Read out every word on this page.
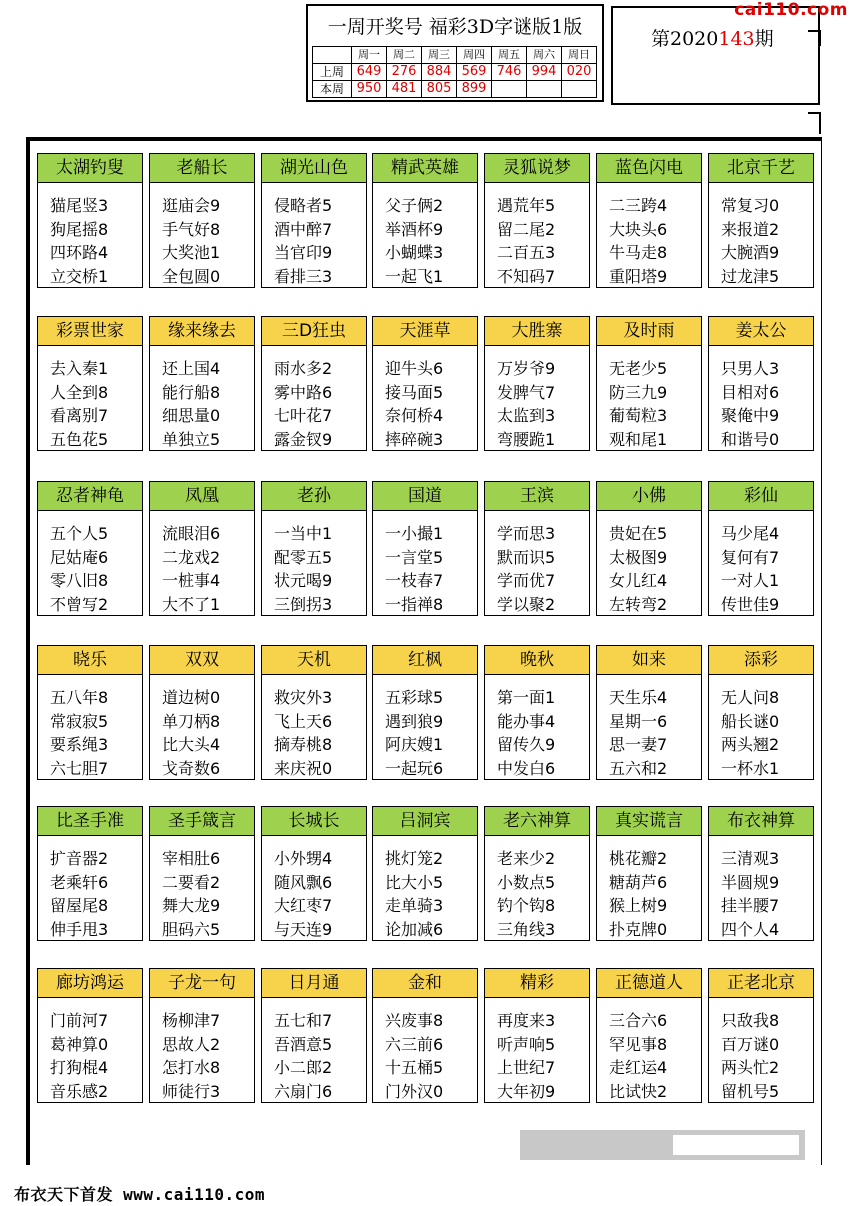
一周开奖号 福彩3D字谜版1版
	周一	周二	周三	周四	周五	周六	周日
上周	649	276	884	569	746	994	020
本周	950	481	805	899			
第2020143期
cai110.com
太湖钓叟
猫尾竖3
狗尾摇8
四环路4
立交桥1
老船长
逛庙会9
手气好8
大奖池1
全包圆0
湖光山色
侵略者5
酒中醉7
当官印9
看排三3
精武英雄
父子俩2
举酒杯9
小蝴蝶3
一起飞1
灵狐说梦
遇荒年5
留二尾2
二百五3
不知码7
蓝色闪电
二三跨4
大块头6
牛马走8
重阳塔9
北京千艺
常复习0
来报道2
大腕酒9
过龙津5
彩票世家
去入秦1
人全到8
看离别7
五色花5
缘来缘去
还上国4
能行船8
细思量0
单独立5
三D狂虫
雨水多2
雾中路6
七叶花7
露金钗9
天涯草
迎牛头6
接马面5
奈何桥4
摔碎碗3
大胜寨
万岁爷9
发脾气7
太监到3
弯腰跪1
及时雨
无老少5
防三九9
葡萄粒3
观和尾1
姜太公
只男人3
目相对6
聚俺中9
和谐号0
忍者神龟
五个人5
尼姑庵6
零八旧8
不曾写2
凤凰
流眼泪6
二龙戏2
一桩事4
大不了1
老孙
一当中1
配零五5
状元喝9
三倒拐3
国道
一小撮1
一言堂5
一枝春7
一指禅8
王滨
学而思3
默而识5
学而优7
学以聚2
小佛
贵妃在5
太极图9
女儿红4
左转弯2
彩仙
马少尾4
复何有7
一对人1
传世佳9
晓乐
五八年8
常寂寂5
要系绳3
六七胆7
双双
道边树0
单刀柄8
比大头4
戈奇数6
天机
救灾外3
飞上天6
摘寿桃8
来庆祝0
红枫
五彩球5
遇到狼9
阿庆嫂1
一起玩6
晚秋
第一面1
能办事4
留传久9
中发白6
如来
天生乐4
星期一6
思一妻7
五六和2
添彩
无人问8
船长谜0
两头翘2
一杯水1
比圣手准
扩音器2
老乘轩6
留屋尾8
伸手甩3
圣手箴言
宰相肚6
二要看2
舞大龙9
胆码六5
长城长
小外甥4
随风飘6
大红枣7
与天连9
吕洞宾
挑灯笼2
比大小5
走单骑3
论加减6
老六神算
老来少2
小数点5
钓个钩8
三角线3
真实谎言
桃花瓣2
糖葫芦6
猴上树9
扑克牌0
布衣神算
三清观3
半圆规9
挂半腰7
四个人4
廊坊鸿运
门前河7
葛神算0
打狗棍4
音乐感2
子龙一句
杨柳津7
思故人2
怎打水8
师徒行3
日月通
五七和7
吾酒意5
小二郎2
六扇门6
金和
兴废事8
六三前6
十五桶5
门外汉0
精彩
再度来3
听声响5
上世纪7
大年初9
正德道人
三合六6
罕见事8
走红运4
比试快2
正老北京
只敌我8
百万谜0
两头忙2
留机号5
布衣天下首发 www.cai110.com
